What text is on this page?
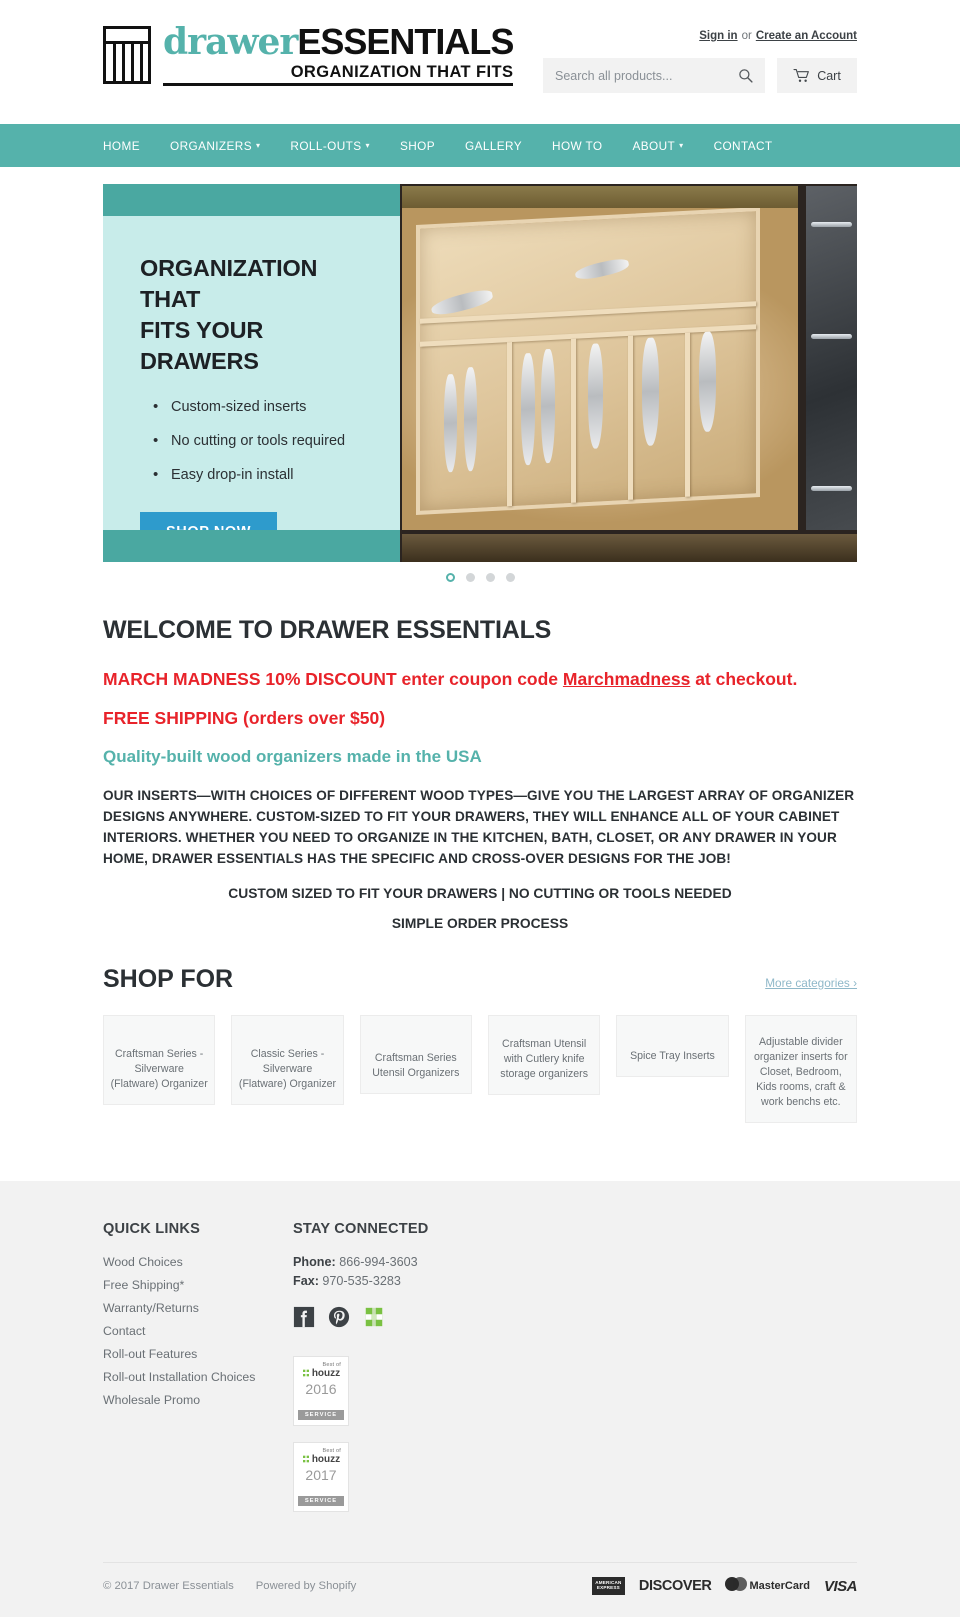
drawerESSENTIALS
ORGANIZATION THAT FITS
Sign in or Create an Account
Search all products...
Cart
HOME	ORGANIZERS ▾	ROLL-OUTS ▾	SHOP	GALLERY	HOW TO	ABOUT ▾	CONTACT
ORGANIZATION THAT
FITS YOUR DRAWERS
• Custom-sized inserts
• No cutting or tools required
• Easy drop-in install
WELCOME TO DRAWER ESSENTIALS

MARCH MADNESS 10% DISCOUNT enter coupon code Marchmadness at checkout.

FREE SHIPPING (orders over $50)

Quality-built wood organizers made in the USA

OUR INSERTS—WITH CHOICES OF DIFFERENT WOOD TYPES—GIVE YOU THE LARGEST ARRAY OF ORGANIZER DESIGNS ANYWHERE. CUSTOM-SIZED TO FIT YOUR DRAWERS, THEY WILL ENHANCE ALL OF YOUR CABINET INTERIORS. WHETHER YOU NEED TO ORGANIZE IN THE KITCHEN, BATH, CLOSET, OR ANY DRAWER IN YOUR HOME, DRAWER ESSENTIALS HAS THE SPECIFIC AND CROSS-OVER DESIGNS FOR THE JOB!

CUSTOM SIZED TO FIT YOUR DRAWERS | NO CUTTING OR TOOLS NEEDED

SIMPLE ORDER PROCESS

SHOP FOR	More categories ›
Craftsman Series - Silverware (Flatware) Organizer
Classic Series - Silverware (Flatware) Organizer
Craftsman Series Utensil Organizers
Craftsman Utensil with Cutlery knife storage organizers
Spice Tray Inserts
Adjustable divider organizer inserts for Closet, Bedroom, Kids rooms, craft & work benchs etc.
QUICK LINKS
Wood Choices
Free Shipping*
Warranty/Returns
Contact
Roll-out Features
Roll-out Installation Choices
Wholesale Promo
STAY CONNECTED
Phone: 866-994-3603
Fax: 970-535-3283
Best of
houzz
2016
SERVICE
Best of
houzz
2017
SERVICE
© 2017 Drawer Essentials Powered by Shopify	AMERICAN
EXPRESS	DISCOVER	MasterCard VISA
